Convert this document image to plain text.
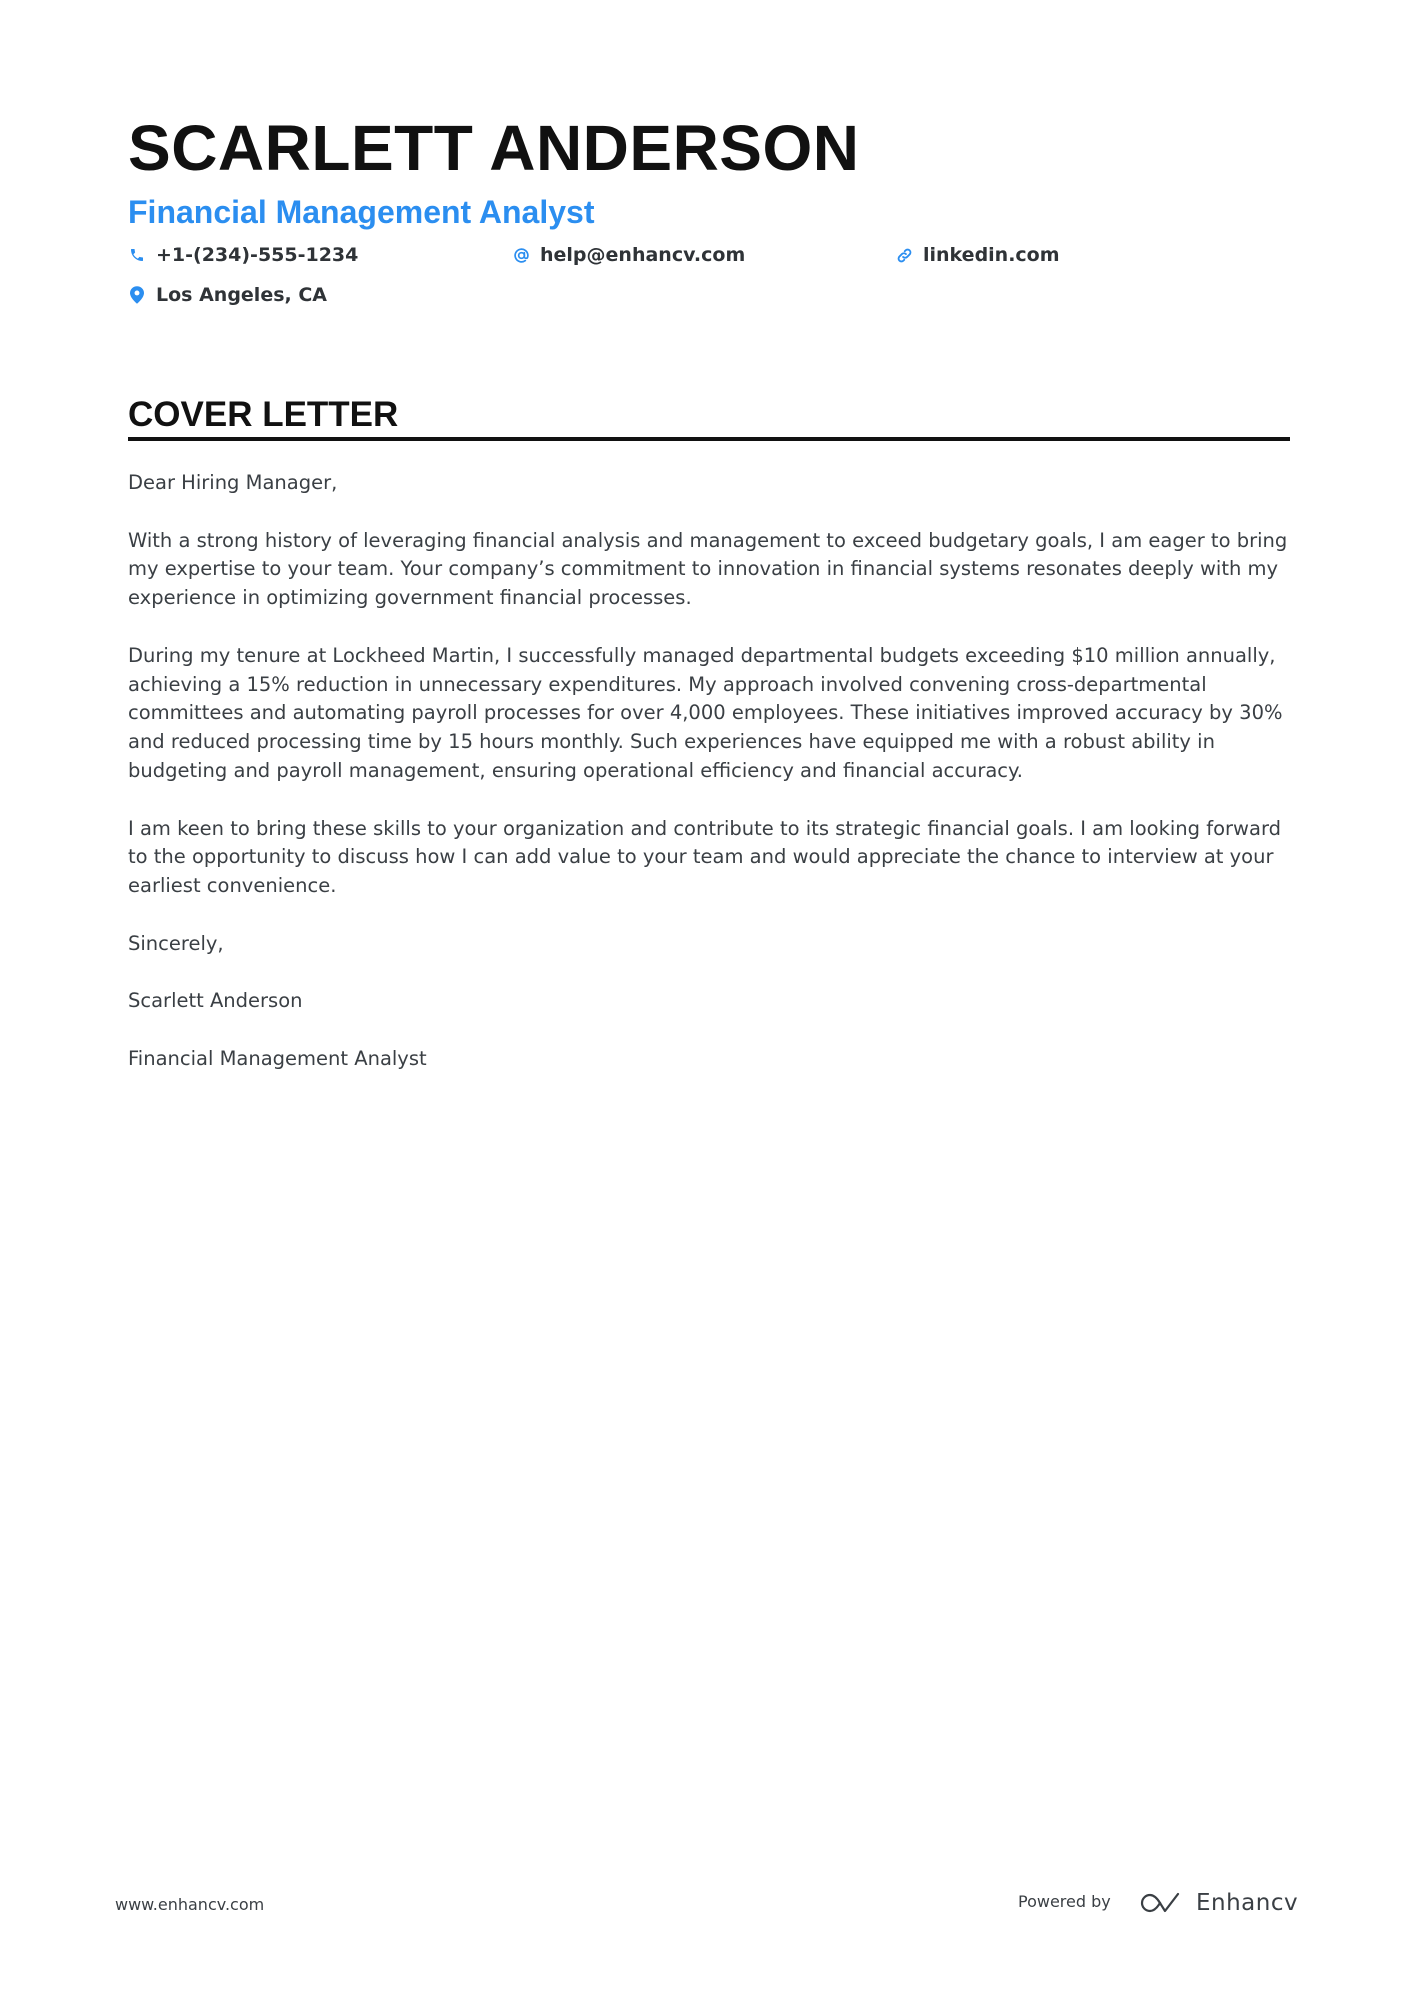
SCARLETT ANDERSON
Financial Management Analyst
+1-(234)-555-1234	help@enhancv.com	linkedin.com
Los Angeles, CA
COVER LETTER

Dear Hiring Manager,

With a strong history of leveraging financial analysis and management to exceed budgetary goals, I am eager to bring my expertise to your team. Your company’s commitment to innovation in financial systems resonates deeply with my experience in optimizing government financial processes.

During my tenure at Lockheed Martin, I successfully managed departmental budgets exceeding $10 million annually, achieving a 15% reduction in unnecessary expenditures. My approach involved convening cross-departmental committees and automating payroll processes for over 4,000 employees. These initiatives improved accuracy by 30% and reduced processing time by 15 hours monthly. Such experiences have equipped me with a robust ability in budgeting and payroll management, ensuring operational efficiency and financial accuracy.

I am keen to bring these skills to your organization and contribute to its strategic financial goals. I am looking forward to the opportunity to discuss how I can add value to your team and would appreciate the chance to interview at your earliest convenience.

Sincerely,

Scarlett Anderson

Financial Management Analyst

www.enhancv.com	Powered by	Enhancv
